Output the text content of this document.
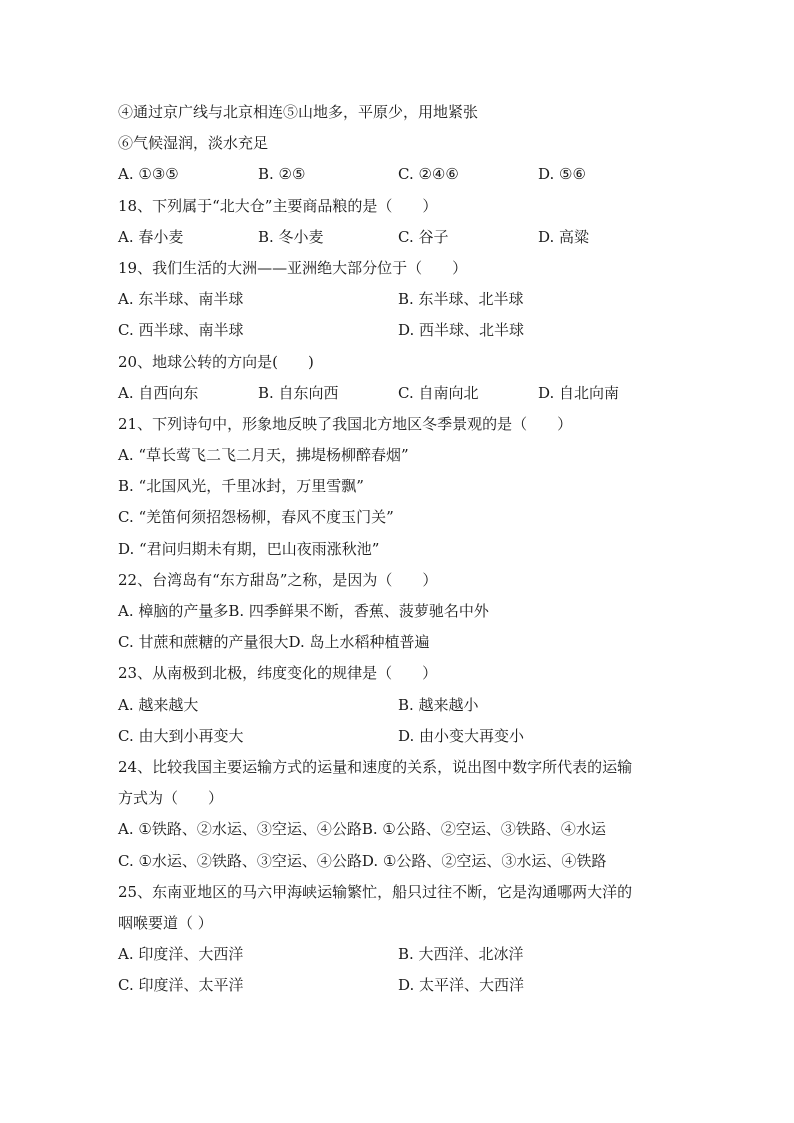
④通过京广线与北京相连⑤山地多，平原少，用地紧张
⑥气候湿润，淡水充足
A. ①③⑤	B. ②⑤	C. ②④⑥	D. ⑤⑥
18、下列属于“北大仓”主要商品粮的是（　　）
A. 春小麦	B. 冬小麦	C. 谷子	D. 高粱
19、我们生活的大洲——亚洲绝大部分位于（　　）
A. 东半球、南半球	B. 东半球、北半球
C. 西半球、南半球	D. 西半球、北半球
20、地球公转的方向是(　　)
A. 自西向东	B. 自东向西	C. 自南向北	D. 自北向南
21、下列诗句中，形象地反映了我国北方地区冬季景观的是（　　）
A. “草长莺飞二飞二月天，拂堤杨柳醉春烟”
B. “北国风光，千里冰封，万里雪飘”
C. “羌笛何须招怨杨柳，春风不度玉门关”
D. “君问归期未有期，巴山夜雨涨秋池”
22、台湾岛有“东方甜岛”之称，是因为（　　）
A. 樟脑的产量多B. 四季鲜果不断，香蕉、菠萝驰名中外
C. 甘蔗和蔗糖的产量很大D. 岛上水稻种植普遍
23、从南极到北极，纬度变化的规律是（　　）
A. 越来越大	B. 越来越小
C. 由大到小再变大	D. 由小变大再变小
24、比较我国主要运输方式的运量和速度的关系，说出图中数字所代表的运输
方式为（　　）
A. ①铁路、②水运、③空运、④公路B. ①公路、②空运、③铁路、④水运
C. ①水运、②铁路、③空运、④公路D. ①公路、②空运、③水运、④铁路
25、东南亚地区的马六甲海峡运输繁忙，船只过往不断，它是沟通哪两大洋的
咽喉要道（ ）
A. 印度洋、大西洋	B. 大西洋、北冰洋
C. 印度洋、太平洋	D. 太平洋、大西洋
